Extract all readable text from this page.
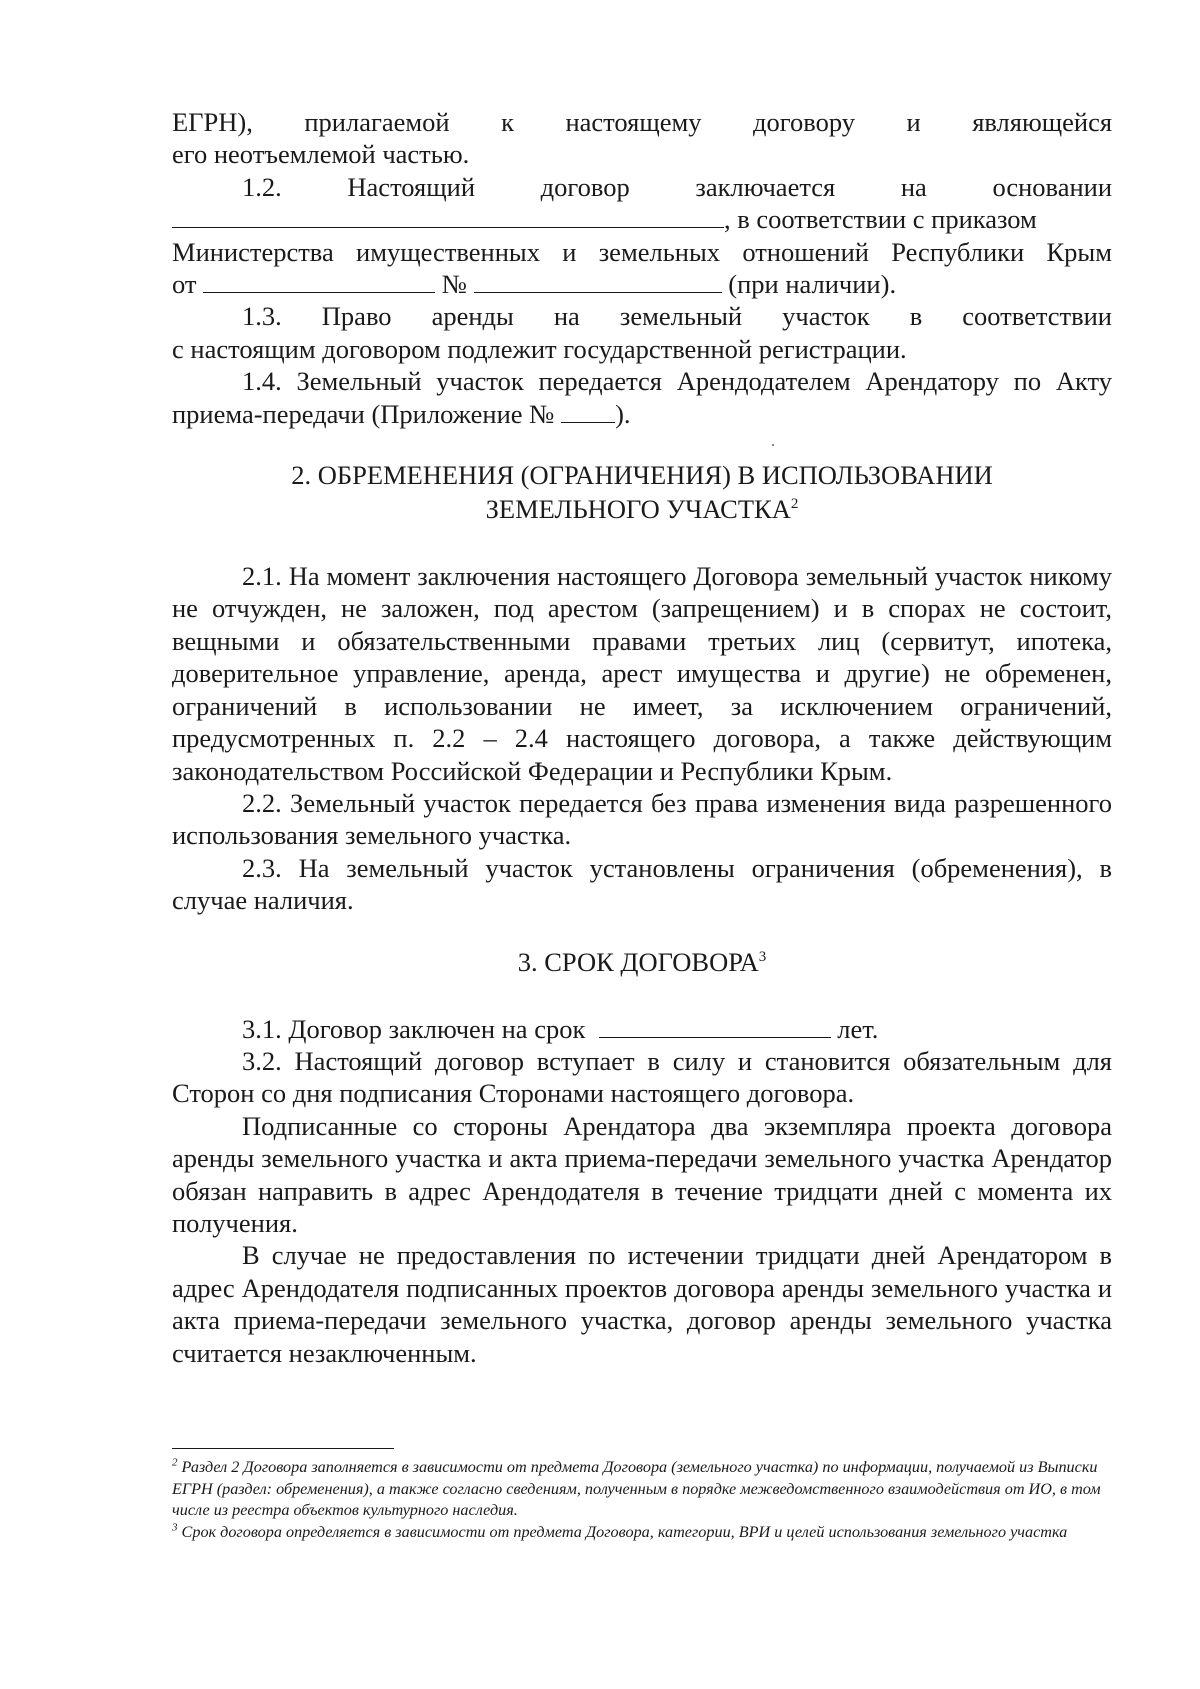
ЕГРН), прилагаемой к настоящему договору и являющейся

его неотъемлемой частью.

1.2. Настоящий договор заключается на основании

, в соответствии с приказом

Министерства имущественных и земельных отношений Республики Крым

от	№	(при наличии).

1.3. Право аренды на земельный участок в соответствии

с настоящим договором подлежит государственной регистрации.

1.4. Земельный участок передается Арендодателем Арендатору по Акту

приема-передачи (Приложение № ).

2. ОБРЕМЕНЕНИЯ (ОГРАНИЧЕНИЯ) В ИСПОЛЬЗОВАНИИ

ЗЕМЕЛЬНОГО УЧАСТКА$^2$

2.1. На момент заключения настоящего Договора земельный участок никому не отчужден, не заложен, под арестом (запрещением) и в спорах не состоит, вещными и обязательственными правами третьих лиц (сервитут, ипотека, доверительное управление, аренда, арест имущества и другие) не обременен, ограничений в использовании не имеет, за исключением ограничений, предусмотренных п. 2.2 – 2.4 настоящего договора, а также действующим законодательством Российской Федерации и Республики Крым.

2.2. Земельный участок передается без права изменения вида разрешенного использования земельного участка.

2.3. На земельный участок установлены ограничения (обременения), в случае наличия.

3. СРОК ДОГОВОРА$^3$

3.1. Договор заключен на срок	лет.

3.2. Настоящий договор вступает в силу и становится обязательным для Сторон со дня подписания Сторонами настоящего договора.

Подписанные со стороны Арендатора два экземпляра проекта договора аренды земельного участка и акта приема-передачи земельного участка Арендатор обязан направить в адрес Арендодателя в течение тридцати дней с момента их получения.

В случае не предоставления по истечении тридцати дней Арендатором в адрес Арендодателя подписанных проектов договора аренды земельного участка и акта приема-передачи земельного участка, договор аренды земельного участка считается незаключенным.

$^2$ Раздел 2 Договора заполняется в зависимости от предмета Договора (земельного участка) по информации, получаемой из Выписки ЕГРН (раздел: обременения), а также согласно сведениям, полученным в порядке межведомственного взаимодействия от ИО, в том числе из реестра объектов культурного наследия.

$^3$ Срок договора определяется в зависимости от предмета Договора, категории, ВРИ и целей использования земельного участка
